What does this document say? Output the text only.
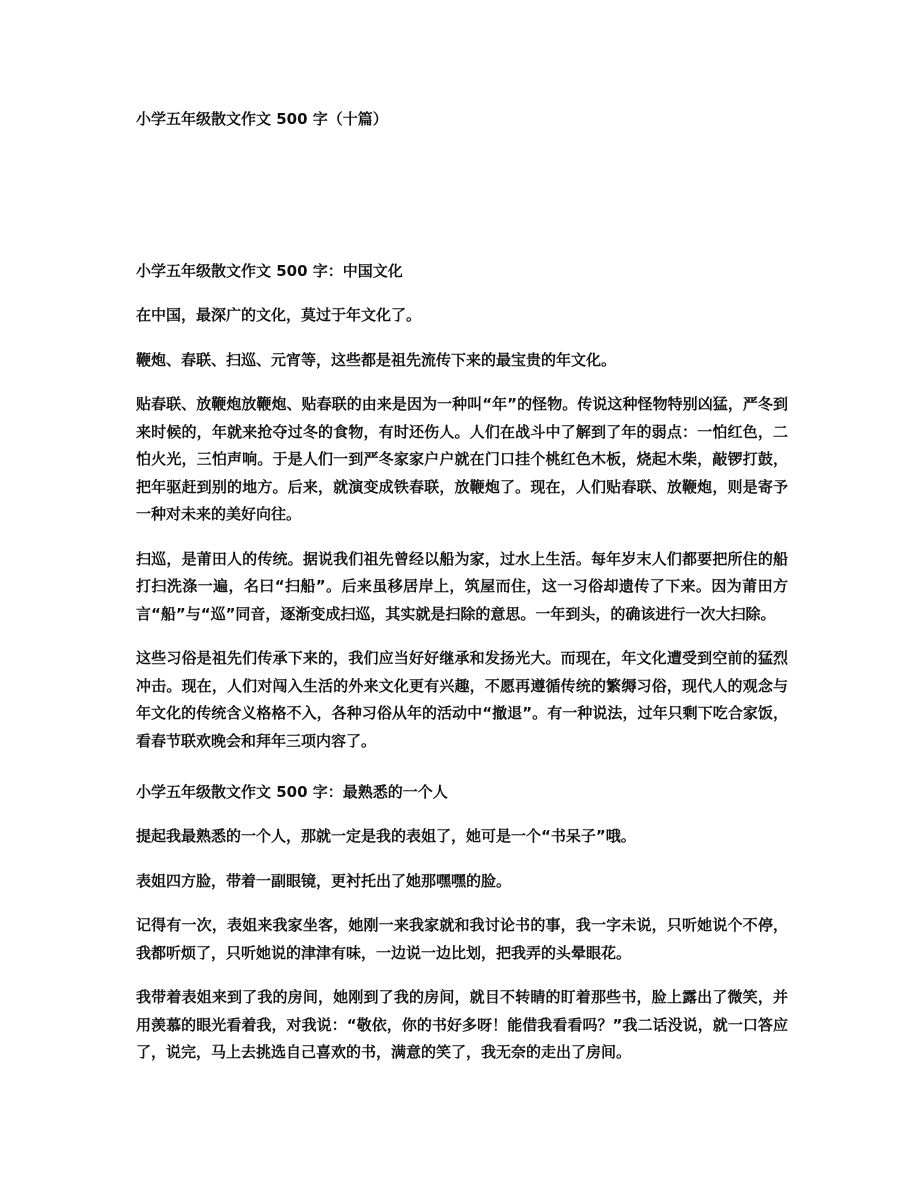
小学五年级散文作文 500 字（十篇）
小学五年级散文作文 500 字：中国文化

在中国，最深广的文化，莫过于年文化了。

鞭炮、春联、扫巡、元宵等，这些都是祖先流传下来的最宝贵的年文化。

贴春联、放鞭炮放鞭炮、贴春联的由来是因为一种叫“年”的怪物。传说这种怪物特别凶猛，严冬到来时候的，年就来抢夺过冬的食物，有时还伤人。人们在战斗中了解到了年的弱点：一怕红色，二怕火光，三怕声响。于是人们一到严冬家家户户就在门口挂个桃红色木板，烧起木柴，敲锣打鼓，把年驱赶到别的地方。后来，就演变成铁春联，放鞭炮了。现在，人们贴春联、放鞭炮，则是寄予一种对未来的美好向往。

扫巡，是莆田人的传统。据说我们祖先曾经以船为家，过水上生活。每年岁末人们都要把所住的船打扫洗涤一遍，名曰“扫船”。后来虽移居岸上，筑屋而住，这一习俗却遗传了下来。因为莆田方言“船”与“巡”同音，逐渐变成扫巡，其实就是扫除的意思。一年到头，的确该进行一次大扫除。

这些习俗是祖先们传承下来的，我们应当好好继承和发扬光大。而现在，年文化遭受到空前的猛烈冲击。现在，人们对闯入生活的外来文化更有兴趣，不愿再遵循传统的繁缛习俗，现代人的观念与年文化的传统含义格格不入，各种习俗从年的活动中“撤退”。有一种说法，过年只剩下吃合家饭，看春节联欢晚会和拜年三项内容了。

小学五年级散文作文 500 字：最熟悉的一个人

提起我最熟悉的一个人，那就一定是我的表姐了，她可是一个“书呆子”哦。

表姐四方脸，带着一副眼镜，更衬托出了她那嘿嘿的脸。

记得有一次，表姐来我家坐客，她刚一来我家就和我讨论书的事，我一字未说，只听她说个不停，我都听烦了，只听她说的津津有味，一边说一边比划，把我弄的头晕眼花。

我带着表姐来到了我的房间，她刚到了我的房间，就目不转睛的盯着那些书，脸上露出了微笑，并用羡慕的眼光看着我，对我说：“敬依，你的书好多呀！能借我看看吗？”我二话没说，就一口答应了，说完，马上去挑选自己喜欢的书，满意的笑了，我无奈的走出了房间。
